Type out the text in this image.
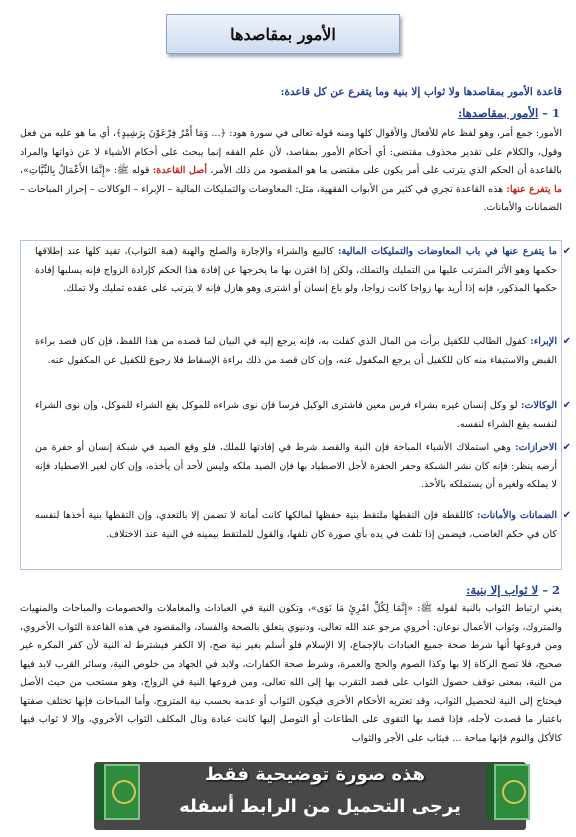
الأمور بمقاصدها
قاعدة الأمور بمقاصدها ولا ثواب إلا بنية وما يتفرع عن كل قاعدة:
1 – الأمور بمقاصدها:
الأمور: جمع أمر، وهو لفظ عام للأفعال والأقوال كلها ومنه قوله تعالى في سورة هود: ﴿... وَمَا أَمْرُ فِرْعَوْنَ بِرَشِيدٍ﴾، أي ما هو عليه من فعل وقول، والكلام على تقدير محذوف مقتضى: أي أحكام الأمور بمقاصد، لأن علم الفقه إنما يبحث على أحكام الأشياء لا عن ذواتها والمراد بالقاعدة أن الحكم الذي يترتب على أمر يكون على مقتضى ما هو المقصود من ذلك الأمر، أصل القاعدة: قوله ﷺ: «إِنَّمَا الأَعْمَالُ بِالنِّيَّاتِ»، ما يتفرع عنها: هذه القاعدة تجري في كثير من الأبواب الفقهية، مثل: المعاوضات والتمليكات المالية – الإبراء – الوكالات – إحراز المباحات – الضمانات والأمانات.
✔
ما يتفرع عنها في باب المعاوضات والتمليكات المالية: كالبيع والشراء والإجارة والصلح والهبة (هبة الثواب)، تفيد كلها عند إطلاقها حكمها وهو الأثر المترتب عليها من التمليك والتملك، ولكن إذا اقترن بها ما يخرجها عن إفادة هذا الحكم كإرادة الزواج فإنه يسلبها إفادة حكمها المذكور، فإنه إذا أريد بها زواجا كانت زواجا، ولو باع إنسان أو اشترى وهو هازل فإنه لا يترتب على عقده تمليك ولا تملك.
✔
الإبراء: كفول الطالب للكفيل برأت من المال الذي كفلت به، فإنه يرجع إليه في البيان لما قصده من هذا اللفظ، فإن كان قصد براءة القبض والاستيفاء منه كان للكفيل أن يرجع المكفول عنه، وإن كان قصد من ذلك براءة الإسقاط فلا رجوع للكفيل عن المكفول عنه.
✔
الوكالات: لو وكل إنسان غيره بشراء فرس معين فاشترى الوكيل فرسا فإن نوى شراءه للموكل يقع الشراء للموكل، وإن نوى الشراء لنفسه يقع الشراء لنفسه.
✔
الاحرازات: وهي استملاك الأشياء المباحة فإن النية والقصد شرط في إفادتها للملك، فلو وقع الصيد في شبكة إنسان أو حفرة من أرضه ينظر: فإنه كان نشر الشبكة وحفر الحفرة لأجل الاصطياد بها فإن الصيد ملكه وليس لأحد أن يأخذه، وإن كان لغير الاصطياد فإنه لا يملكه ولغيره أن يستملكه بالأخذ.
✔
الضمانات والأمانات: كاللقطة فإن التقطها ملتقط بنية حفظها لمالكها كانت أمانة لا تضمن إلا بالتعدي، وإن التقطها بنية أخذها لنفسه كان في حكم الغاصب، فيضمن إذا تلفت في يده بأي صورة كان تلفها، والقول للملتقط بيمينه في النية عند الاختلاف.
2 – لا ثواب إلا بنية:
يعني ارتباط الثواب بالنية لقوله ﷺ: «إِنَّمَا لِكُلِّ امْرِئٍ مَا نَوَى»، وتكون النية في العبادات والمعاملات والخصومات والمباحات والمنهيات والمتروك، وثواب الأعمال نوعان: أخروي مرجو عند الله تعالى، ودنيوي يتعلق بالصحة والفساد، والمقصود في هذه القاعدة الثواب الأخروي، ومن فروعها أنها شرط صحة جميع العبادات بالإجماع، إلا الإسلام فلو أسلم بغير نية صح، إلا الكفر فيشترط له النية لأن كفر المكره غير صحيح، فلا تصح الزكاة إلا بها وكذا الصوم والحج والعمرة، وشرط صحة الكفارات، ولابد في الجهاد من خلوص النية، وسائر القرب لابد فيها من النية، بمعنى توقف حصول الثواب على قصد التقرب بها إلى الله تعالى، ومن فروعها النية في الزواج، وهو مستحب من حيث الأصل فيحتاج إلى النية لتحصيل الثواب، وقد تعتريه الأحكام الأخرى فيكون الثواب أو عدمه بحسب نية المتزوج، وأما المباحات فإنها تختلف صفتها باعتبار ما قصدت لأجله، فإذا قصد بها التقوى على الطاعات أو التوصل إليها كانت عبادة ونال المكلف الثواب الأخروي، وإلا لا ثواب فيها كالأكل والنوم فإنها مباحة ... فيثاب على الأجر والثواب
هذه صورة توضيحية فقط
يرجى التحميل من الرابط أسفله
